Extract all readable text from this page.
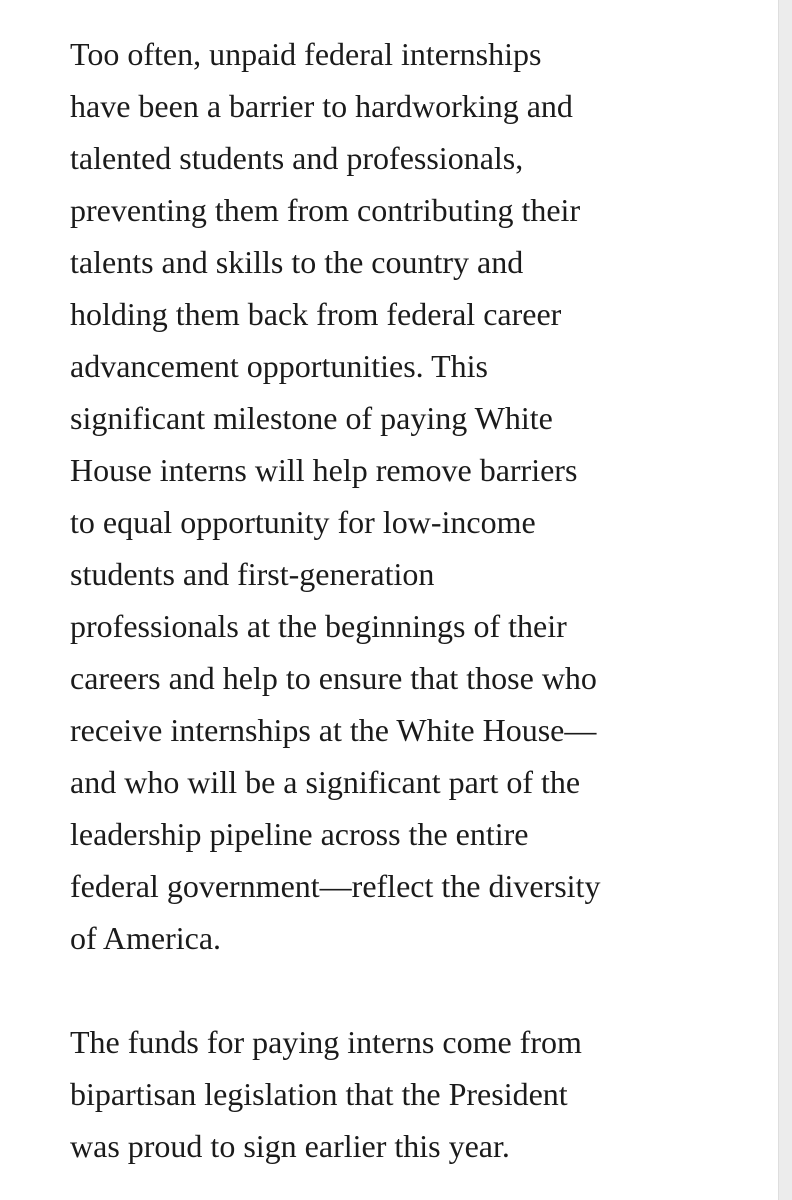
Too often, unpaid federal internships
have been a barrier to hardworking and
talented students and professionals,
preventing them from contributing their
talents and skills to the country and
holding them back from federal career
advancement opportunities. This
significant milestone of paying White
House interns will help remove barriers
to equal opportunity for low-income
students and first-generation
professionals at the beginnings of their
careers and help to ensure that those who
receive internships at the White House—
and who will be a significant part of the
leadership pipeline across the entire
federal government—reflect the diversity
of America.

The funds for paying interns come from
bipartisan legislation that the President
was proud to sign earlier this year.
